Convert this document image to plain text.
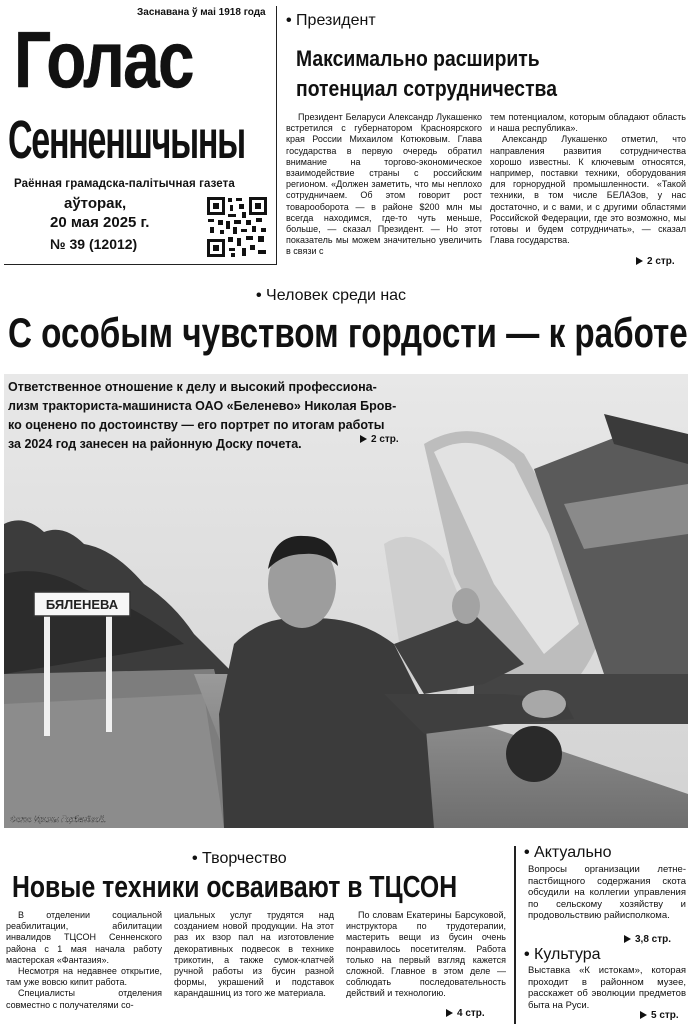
Заснавана ў маі 1918 года
Голас
Сенненшчыны
Раённая грамадска-палітычная газета
аўторак,
20 мая 2025 г.
№ 39 (12012)
• Президент
Максимально расширить
потенциал сотрудничества

Президент Беларуси Александр Лукашенко встретился с губернатором Красноярского края России Михаилом Котюковым. Глава государства в первую очередь обратил внимание на торгово-экономическое взаимодействие страны с российским регионом. «Должен заметить, что мы неплохо сотрудничаем. Об этом говорит рост товарооборота — в районе $200 млн мы всегда находимся, где-то чуть меньше, больше, — сказал Президент. — Но этот показатель мы можем значительно увеличить в связи с

тем потенциалом, которым обладают область и наша республика».

Александр Лукашенко отметил, что направления развития сотрудничества хорошо известны. К ключевым относятся, например, поставки техники, оборудования для горнорудной промышленности. «Такой техники, в том числе БЕЛАЗов, у нас достаточно, и с вами, и с другими областями Российской Федерации, где это возможно, мы готовы и будем сотрудничать», — сказал Глава государства.

2 стр.
• Человек среди нас
С особым чувством гордости — к работе
БЯЛЕНЕВА
Фото Ирины Горбачёвой.
Ответственное отношение к делу и высокий профессиона-
лизм тракториста-машиниста ОАО «Беленево» Николая Бров-
ко оценено по достоинству — его портрет по итогам работы
за 2024 год занесен на районную Доску почета.	2 стр.
• Творчество
Новые техники осваивают в ТЦСОН

В отделении социальной реабилитации, абилитации инвалидов ТЦСОН Сенненского района с 1 мая начала работу мастерская «Фантазия».

Несмотря на недавнее открытие, там уже вовсю кипит работа.

Специалисты отделения совместно с получателями со-

циальных услуг трудятся над созданием новой продукции. На этот раз их взор пал на изготовление декоративных подвесок в технике трикотин, а также сумок-клатчей ручной работы из бусин разной формы, украшений и подставок карандашниц из того же материала.

По словам Екатерины Барсуковой, инструктора по трудотерапии, мастерить вещи из бусин очень понравилось посетителям. Работа только на первый взгляд кажется сложной. Главное в этом деле — соблюдать последовательность действий и технологию.

4 стр.
• Актуально

Вопросы организации летне-пастбищного содержания скота обсудили на коллегии управления по сельскому хозяйству и продовольствию райисполкома.

3,8 стр.
• Культура

Выставка «К истокам», которая проходит в районном музее, расскажет об эволюции предметов быта на Руси.

5 стр.
